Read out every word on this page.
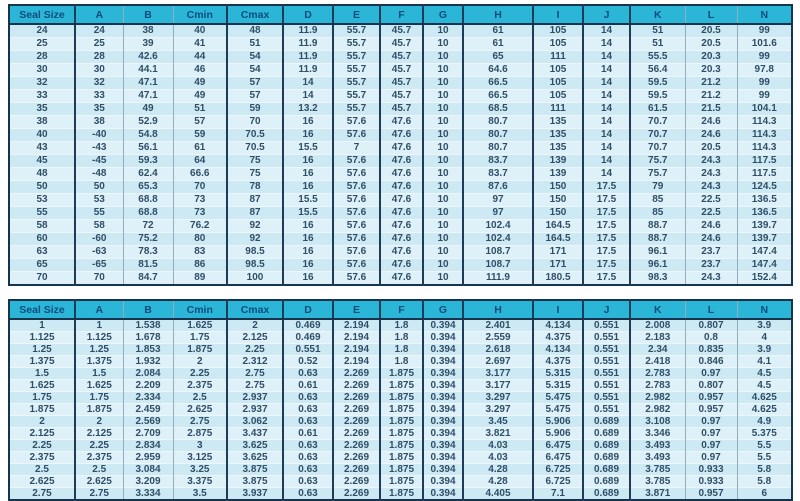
Seal Size	A	B	Cmin	Cmax	D	E	F	G	H	I	J	K	L	N
24	24	38	40	48	11.9	55.7	45.7	10	61	105	14	51	20.5	99
25	25	39	41	51	11.9	55.7	45.7	10	61	105	14	51	20.5	101.6
28	28	42.6	44	54	11.9	55.7	45.7	10	65	111	14	55.5	20.3	99
30	30	44.1	46	54	11.9	55.7	45.7	10	64.6	105	14	56.4	20.3	97.8
32	32	47.1	49	57	14	55.7	45.7	10	66.5	105	14	59.5	21.2	99
33	33	47.1	49	57	14	55.7	45.7	10	66.5	105	14	59.5	21.2	99
35	35	49	51	59	13.2	55.7	45.7	10	68.5	111	14	61.5	21.5	104.1
38	38	52.9	57	70	16	57.6	47.6	10	80.7	135	14	70.7	24.6	114.3
40	-40	54.8	59	70.5	16	57.6	47.6	10	80.7	135	14	70.7	24.6	114.3
43	-43	56.1	61	70.5	15.5	7	47.6	10	80.7	135	14	70.7	20.5	114.3
45	-45	59.3	64	75	16	57.6	47.6	10	83.7	139	14	75.7	24.3	117.5
48	-48	62.4	66.6	75	16	57.6	47.6	10	83.7	139	14	75.7	24.3	117.5
50	50	65.3	70	78	16	57.6	47.6	10	87.6	150	17.5	79	24.3	124.5
53	53	68.8	73	87	15.5	57.6	47.6	10	97	150	17.5	85	22.5	136.5
55	55	68.8	73	87	15.5	57.6	47.6	10	97	150	17.5	85	22.5	136.5
58	58	72	76.2	92	16	57.6	47.6	10	102.4	164.5	17.5	88.7	24.6	139.7
60	-60	75.2	80	92	16	57.6	47.6	10	102.4	164.5	17.5	88.7	24.6	139.7
63	-63	78.3	83	98.5	16	57.6	47.6	10	108.7	171	17.5	96.1	23.7	147.4
65	-65	81.5	86	98.5	16	57.6	47.6	10	108.7	171	17.5	96.1	23.7	147.4
70	70	84.7	89	100	16	57.6	47.6	10	111.9	180.5	17.5	98.3	24.3	152.4
Seal Size	A	B	Cmin	Cmax	D	E	F	G	H	I	J	K	L	N
1	1	1.538	1.625	2	0.469	2.194	1.8	0.394	2.401	4.134	0.551	2.008	0.807	3.9
1.125	1.125	1.678	1.75	2.125	0.469	2.194	1.8	0.394	2.559	4.375	0.551	2.183	0.8	4
1.25	1.25	1.853	1.875	2.25	0.551	2.194	1.8	0.394	2.618	4.134	0.551	2.34	0.835	3.9
1.375	1.375	1.932	2	2.312	0.52	2.194	1.8	0.394	2.697	4.375	0.551	2.418	0.846	4.1
1.5	1.5	2.084	2.25	2.75	0.63	2.269	1.875	0.394	3.177	5.315	0.551	2.783	0.97	4.5
1.625	1.625	2.209	2.375	2.75	0.61	2.269	1.875	0.394	3.177	5.315	0.551	2.783	0.807	4.5
1.75	1.75	2.334	2.5	2.937	0.63	2.269	1.875	0.394	3.297	5.475	0.551	2.982	0.957	4.625
1.875	1.875	2.459	2.625	2.937	0.63	2.269	1.875	0.394	3.297	5.475	0.551	2.982	0.957	4.625
2	2	2.569	2.75	3.062	0.63	2.269	1.875	0.394	3.45	5.906	0.689	3.108	0.97	4.9
2.125	2.125	2.709	2.875	3.437	0.61	2.269	1.875	0.394	3.821	5.906	0.689	3.346	0.97	5.375
2.25	2.25	2.834	3	3.625	0.63	2.269	1.875	0.394	4.03	6.475	0.689	3.493	0.97	5.5
2.375	2.375	2.959	3.125	3.625	0.63	2.269	1.875	0.394	4.03	6.475	0.689	3.493	0.97	5.5
2.5	2.5	3.084	3.25	3.875	0.63	2.269	1.875	0.394	4.28	6.725	0.689	3.785	0.933	5.8
2.625	2.625	3.209	3.375	3.875	0.63	2.269	1.875	0.394	4.28	6.725	0.689	3.785	0.933	5.8
2.75	2.75	3.334	3.5	3.937	0.63	2.269	1.875	0.394	4.405	7.1	0.689	3.871	0.957	6
